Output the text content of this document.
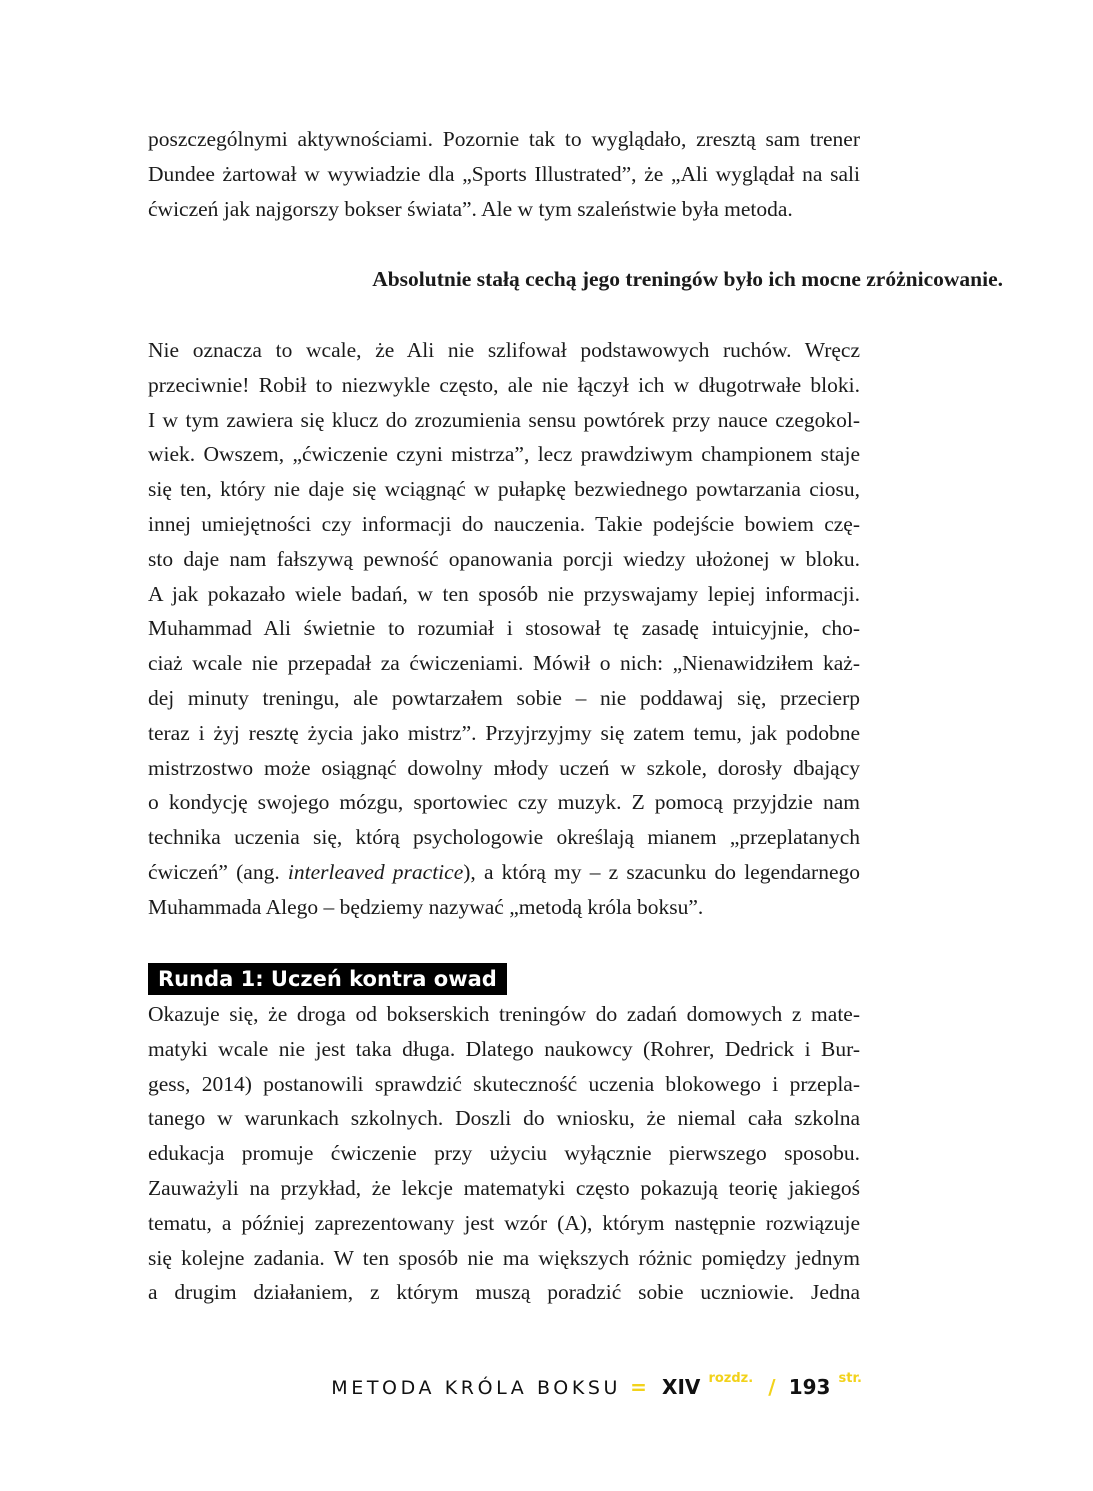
poszczególnymi aktywnościami. Pozornie tak to wyglądało, zresztą sam trener
Dundee żartował w wywiadzie dla „Sports Illustrated”, że „Ali wyglądał na sali
ćwiczeń jak najgorszy bokser świata”. Ale w tym szaleństwie była metoda.
Absolutnie stałą cechą jego treningów było ich mocne zróżnicowanie.
Nie oznacza to wcale, że Ali nie szlifował podstawowych ruchów. Wręcz
przeciwnie! Robił to niezwykle często, ale nie łączył ich w długotrwałe bloki.
I w tym zawiera się klucz do zrozumienia sensu powtórek przy nauce czegokol-
wiek. Owszem, „ćwiczenie czyni mistrza”, lecz prawdziwym championem staje
się ten, który nie daje się wciągnąć w pułapkę bezwiednego powtarzania ciosu,
innej umiejętności czy informacji do nauczenia. Takie podejście bowiem czę-
sto daje nam fałszywą pewność opanowania porcji wiedzy ułożonej w bloku.
A jak pokazało wiele badań, w ten sposób nie przyswajamy lepiej informacji.
Muhammad Ali świetnie to rozumiał i stosował tę zasadę intuicyjnie, cho-
ciaż wcale nie przepadał za ćwiczeniami. Mówił o nich: „Nienawidziłem każ-
dej minuty treningu, ale powtarzałem sobie – nie poddawaj się, przecierp
teraz i żyj resztę życia jako mistrz”. Przyjrzyjmy się zatem temu, jak podobne
mistrzostwo może osiągnąć dowolny młody uczeń w szkole, dorosły dbający
o kondycję swojego mózgu, sportowiec czy muzyk. Z pomocą przyjdzie nam
technika uczenia się, którą psychologowie określają mianem „przeplatanych
ćwiczeń” (ang. interleaved practice), a którą my – z szacunku do legendarnego
Muhammada Alego – będziemy nazywać „metodą króla boksu”.
Runda 1: Uczeń kontra owad
Okazuje się, że droga od bokserskich treningów do zadań domowych z mate-
matyki wcale nie jest taka długa. Dlatego naukowcy (Rohrer, Dedrick i Bur-
gess, 2014) postanowili sprawdzić skuteczność uczenia blokowego i przepla-
tanego w warunkach szkolnych. Doszli do wniosku, że niemal cała szkolna
edukacja promuje ćwiczenie przy użyciu wyłącznie pierwszego sposobu.
Zauważyli na przykład, że lekcje matematyki często pokazują teorię jakiegoś
tematu, a później zaprezentowany jest wzór (A), którym następnie rozwiązuje
się kolejne zadania. W ten sposób nie ma większych różnic pomiędzy jednym
a drugim działaniem, z którym muszą poradzić sobie uczniowie. Jedna
METODA KRÓLA BOKSU = XIV $^{rozdz.}$ / 193 $^{str.}$
